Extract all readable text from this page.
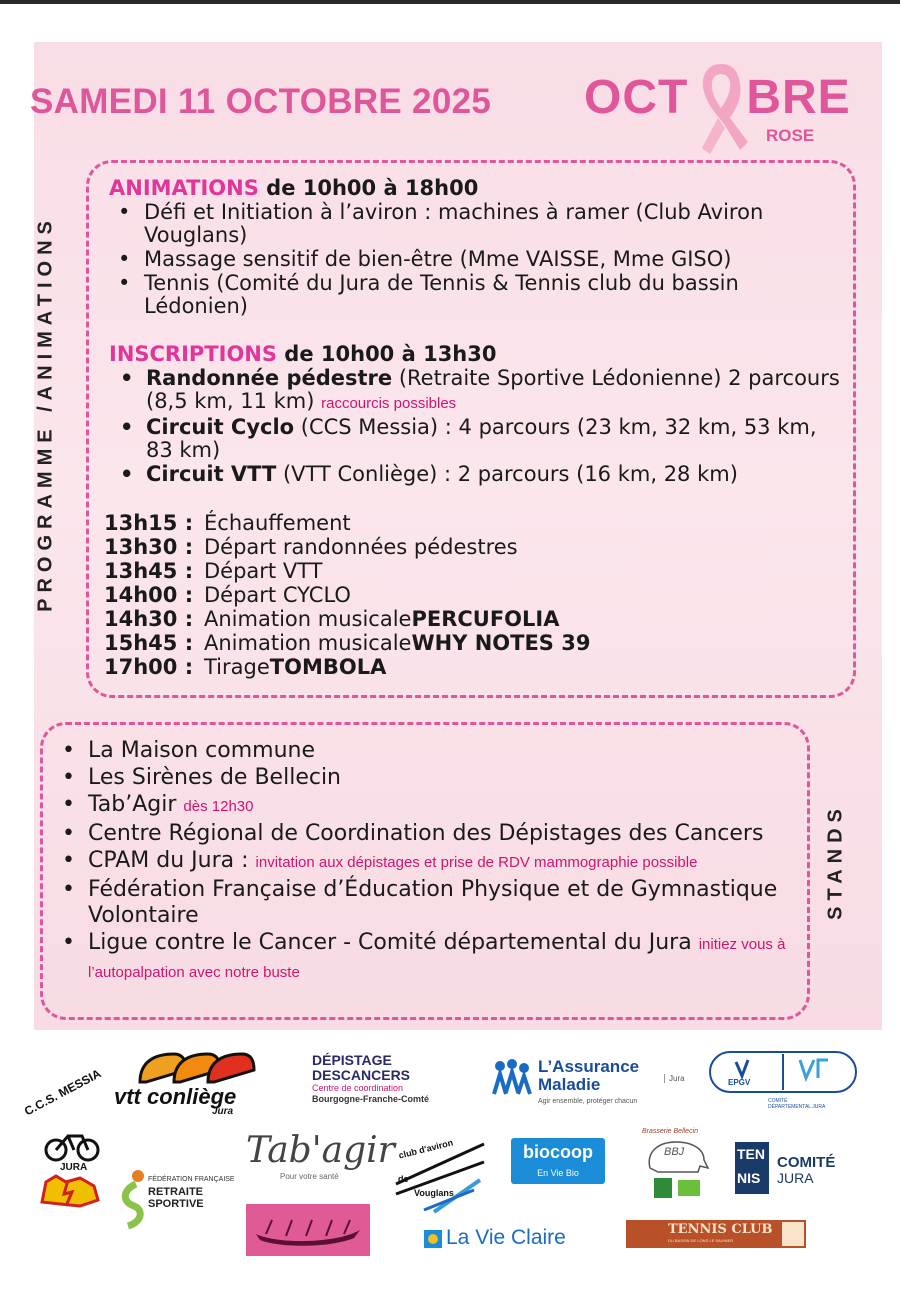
SAMEDI 11 OCTOBRE 2025 OCT BRE
ROSE
PROGRAMME /ANIMATIONS
STANDS
ANIMATIONS de 10h00 à 18h00
• Défi et Initiation à l’aviron : machines à ramer (Club Aviron Vouglans)
• Massage sensitif de bien-être (Mme VAISSE, Mme GISO)
• Tennis (Comité du Jura de Tennis & Tennis club du bassin Lédonien)
INSCRIPTIONS de 10h00 à 13h30
• Randonnée pédestre (Retraite Sportive Lédonienne) 2 parcours (8,5 km, 11 km) raccourcis possibles
• Circuit Cyclo (CCS Messia) : 4 parcours (23 km, 32 km, 53 km, 83 km)
• Circuit VTT (VTT Conliège) : 2 parcours (16 km, 28 km)
13h15 : Échauffement
13h30 : Départ randonnées pédestres
13h45 : Départ VTT
14h00 : Départ CYCLO
14h30 : Animation musicale PERCUFOLIA
15h45 : Animation musicale WHY NOTES 39
17h00 : Tirage TOMBOLA
• La Maison commune
• Les Sirènes de Bellecin
• Tab’Agir dès 12h30
• Centre Régional de Coordination des Dépistages des Cancers
• CPAM du Jura : invitation aux dépistages et prise de RDV mammographie possible
• Fédération Française d’Éducation Physique et de Gymnastique Volontaire
• Ligue contre le Cancer - Comité départemental du Jura initiez vous à l’autopalpation avec notre buste
vtt conliège
Jura
DÉPISTAGE
DESCANCERS
Centre de coordination
Bourgogne-Franche-Comté
L’Assurance
Maladie
Agir ensemble, protéger chacun
Jura	EPGV
COMITÉ DÉPARTEMENTAL JURA
C.C.S. MESSIA
JURA
FÉDÉRATION FRANÇAISE
RETRAITE
SPORTIVE
Tab'agir
Pour votre santé
club d'aviron
de
Vouglans
biocoop
En Vie Bio
Brasserie Bellecin
BBJ	TEN
NIS
COMITÉ
JURA
La Vie Claire	TENNIS CLUB
DU BASSIN DE LONS LE SAUNIER
